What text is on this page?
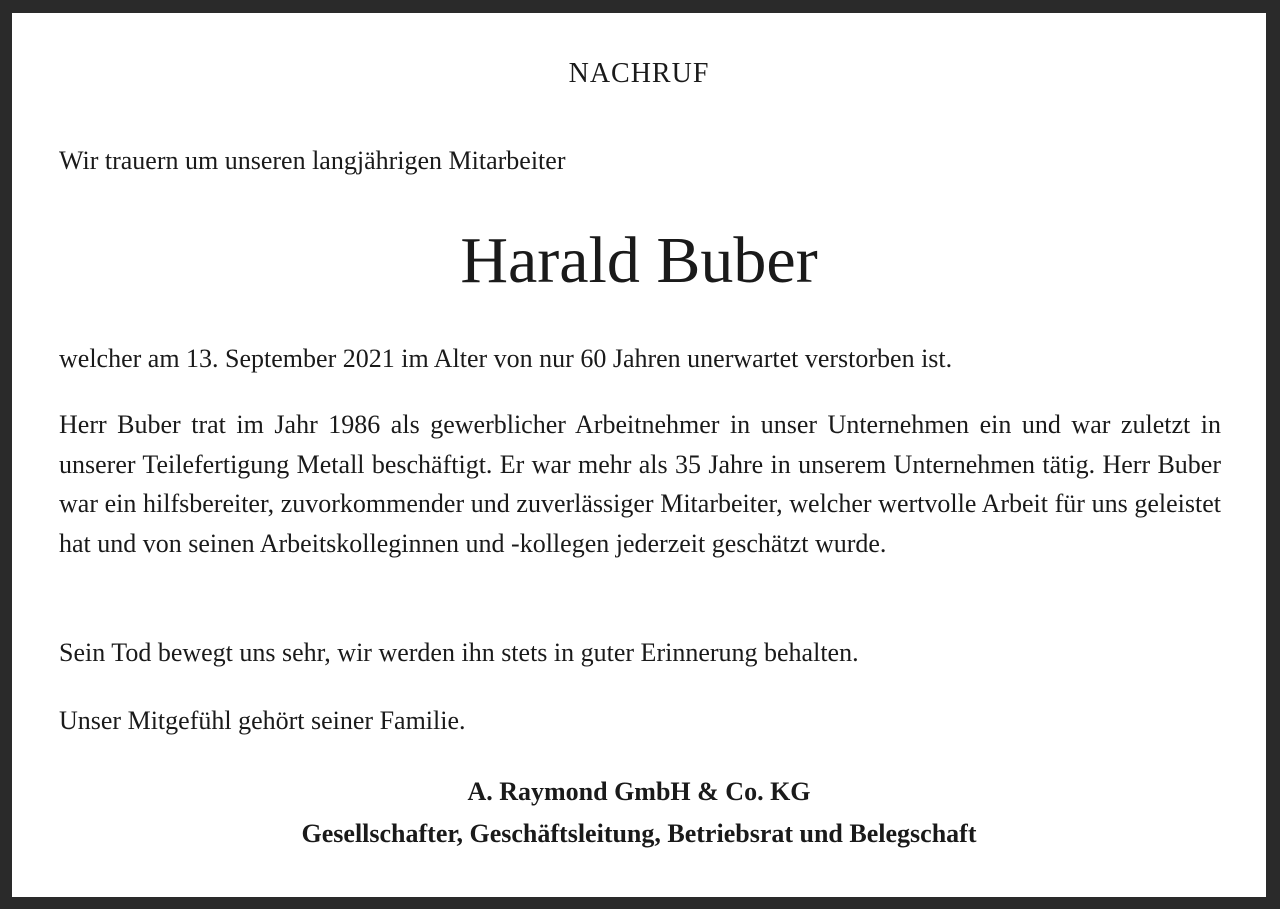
NACHRUF
Wir trauern um unseren langjährigen Mitarbeiter
Harald Buber

welcher am 13. September 2021 im Alter von nur 60 Jahren unerwartet verstorben ist.

Herr Buber trat im Jahr 1986 als gewerblicher Arbeitnehmer in unser Unternehmen ein und war zuletzt in unserer Teilefertigung Metall beschäftigt. Er war mehr als 35 Jahre in unserem Unternehmen tätig. Herr Buber war ein hilfsbereiter, zuvorkommender und zuverlässiger Mitarbeiter, welcher wertvolle Arbeit für uns geleistet hat und von seinen Arbeitskolleginnen und -kollegen jederzeit geschätzt wurde.

Sein Tod bewegt uns sehr, wir werden ihn stets in guter Erinnerung behalten.

Unser Mitgefühl gehört seiner Familie.

A. Raymond GmbH & Co. KG
Gesellschafter, Geschäftsleitung, Betriebsrat und Belegschaft
